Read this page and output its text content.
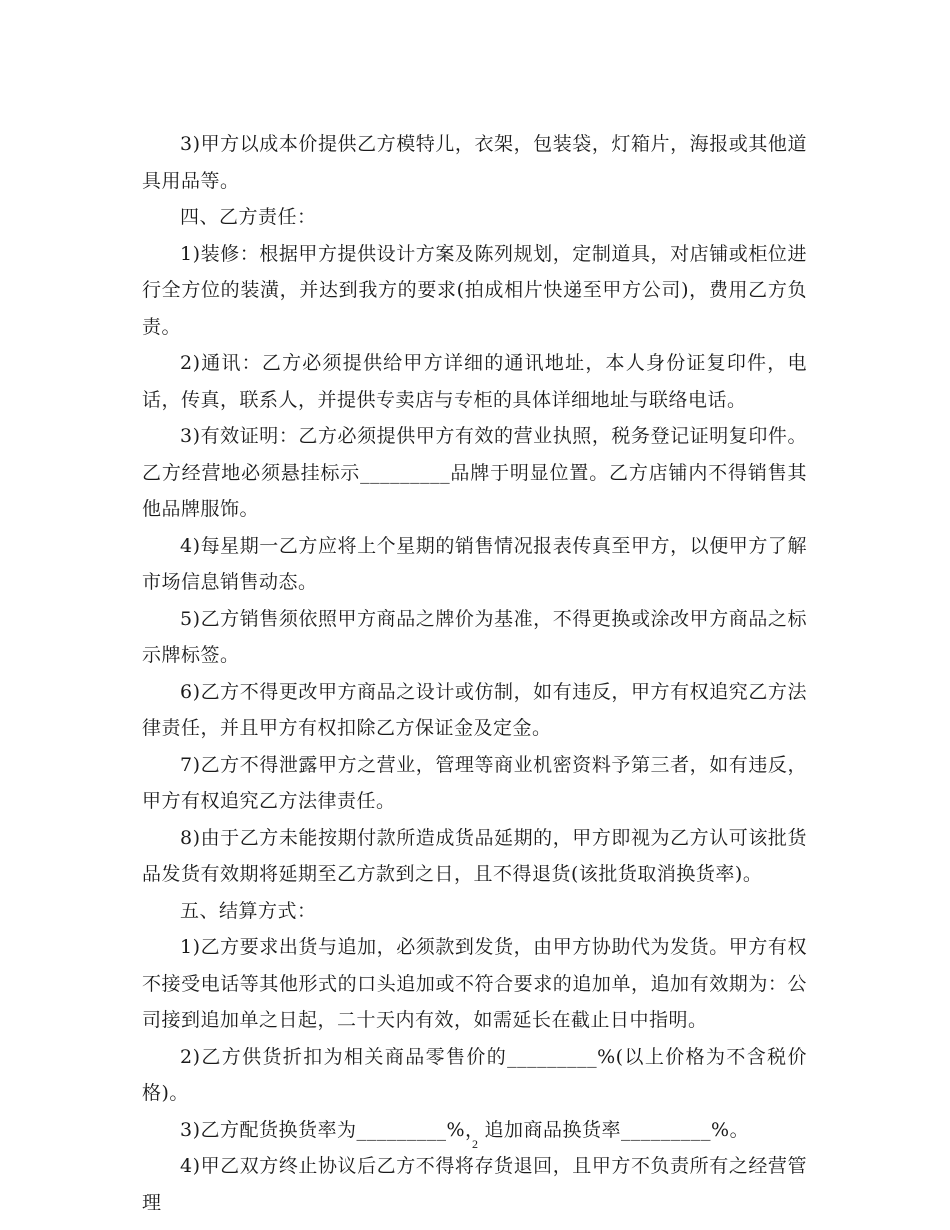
3)甲方以成本价提供乙方模特儿，衣架，包装袋，灯箱片，海报或其他道具用品等。

四、乙方责任：

1)装修：根据甲方提供设计方案及陈列规划，定制道具，对店铺或柜位进行全方位的装潢，并达到我方的要求(拍成相片快递至甲方公司)，费用乙方负责。

2)通讯：乙方必须提供给甲方详细的通讯地址，本人身份证复印件，电话，传真，联系人，并提供专卖店与专柜的具体详细地址与联络电话。

3)有效证明：乙方必须提供甲方有效的营业执照，税务登记证明复印件。乙方经营地必须悬挂标示_________品牌于明显位置。乙方店铺内不得销售其他品牌服饰。

4)每星期一乙方应将上个星期的销售情况报表传真至甲方，以便甲方了解市场信息销售动态。

5)乙方销售须依照甲方商品之牌价为基准，不得更换或涂改甲方商品之标示牌标签。

6)乙方不得更改甲方商品之设计或仿制，如有违反，甲方有权追究乙方法律责任，并且甲方有权扣除乙方保证金及定金。

7)乙方不得泄露甲方之营业，管理等商业机密资料予第三者，如有违反，甲方有权追究乙方法律责任。

8)由于乙方未能按期付款所造成货品延期的，甲方即视为乙方认可该批货品发货有效期将延期至乙方款到之日，且不得退货(该批货取消换货率)。

五、结算方式：

1)乙方要求出货与追加，必须款到发货，由甲方协助代为发货。甲方有权不接受电话等其他形式的口头追加或不符合要求的追加单，追加有效期为：公司接到追加单之日起，二十天内有效，如需延长在截止日中指明。

2)乙方供货折扣为相关商品零售价的_________%(以上价格为不含税价格)。

3)乙方配货换货率为_________%，追加商品换货率_________%。

4)甲乙双方终止协议后乙方不得将存货退回，且甲方不负责所有之经营管理

2
